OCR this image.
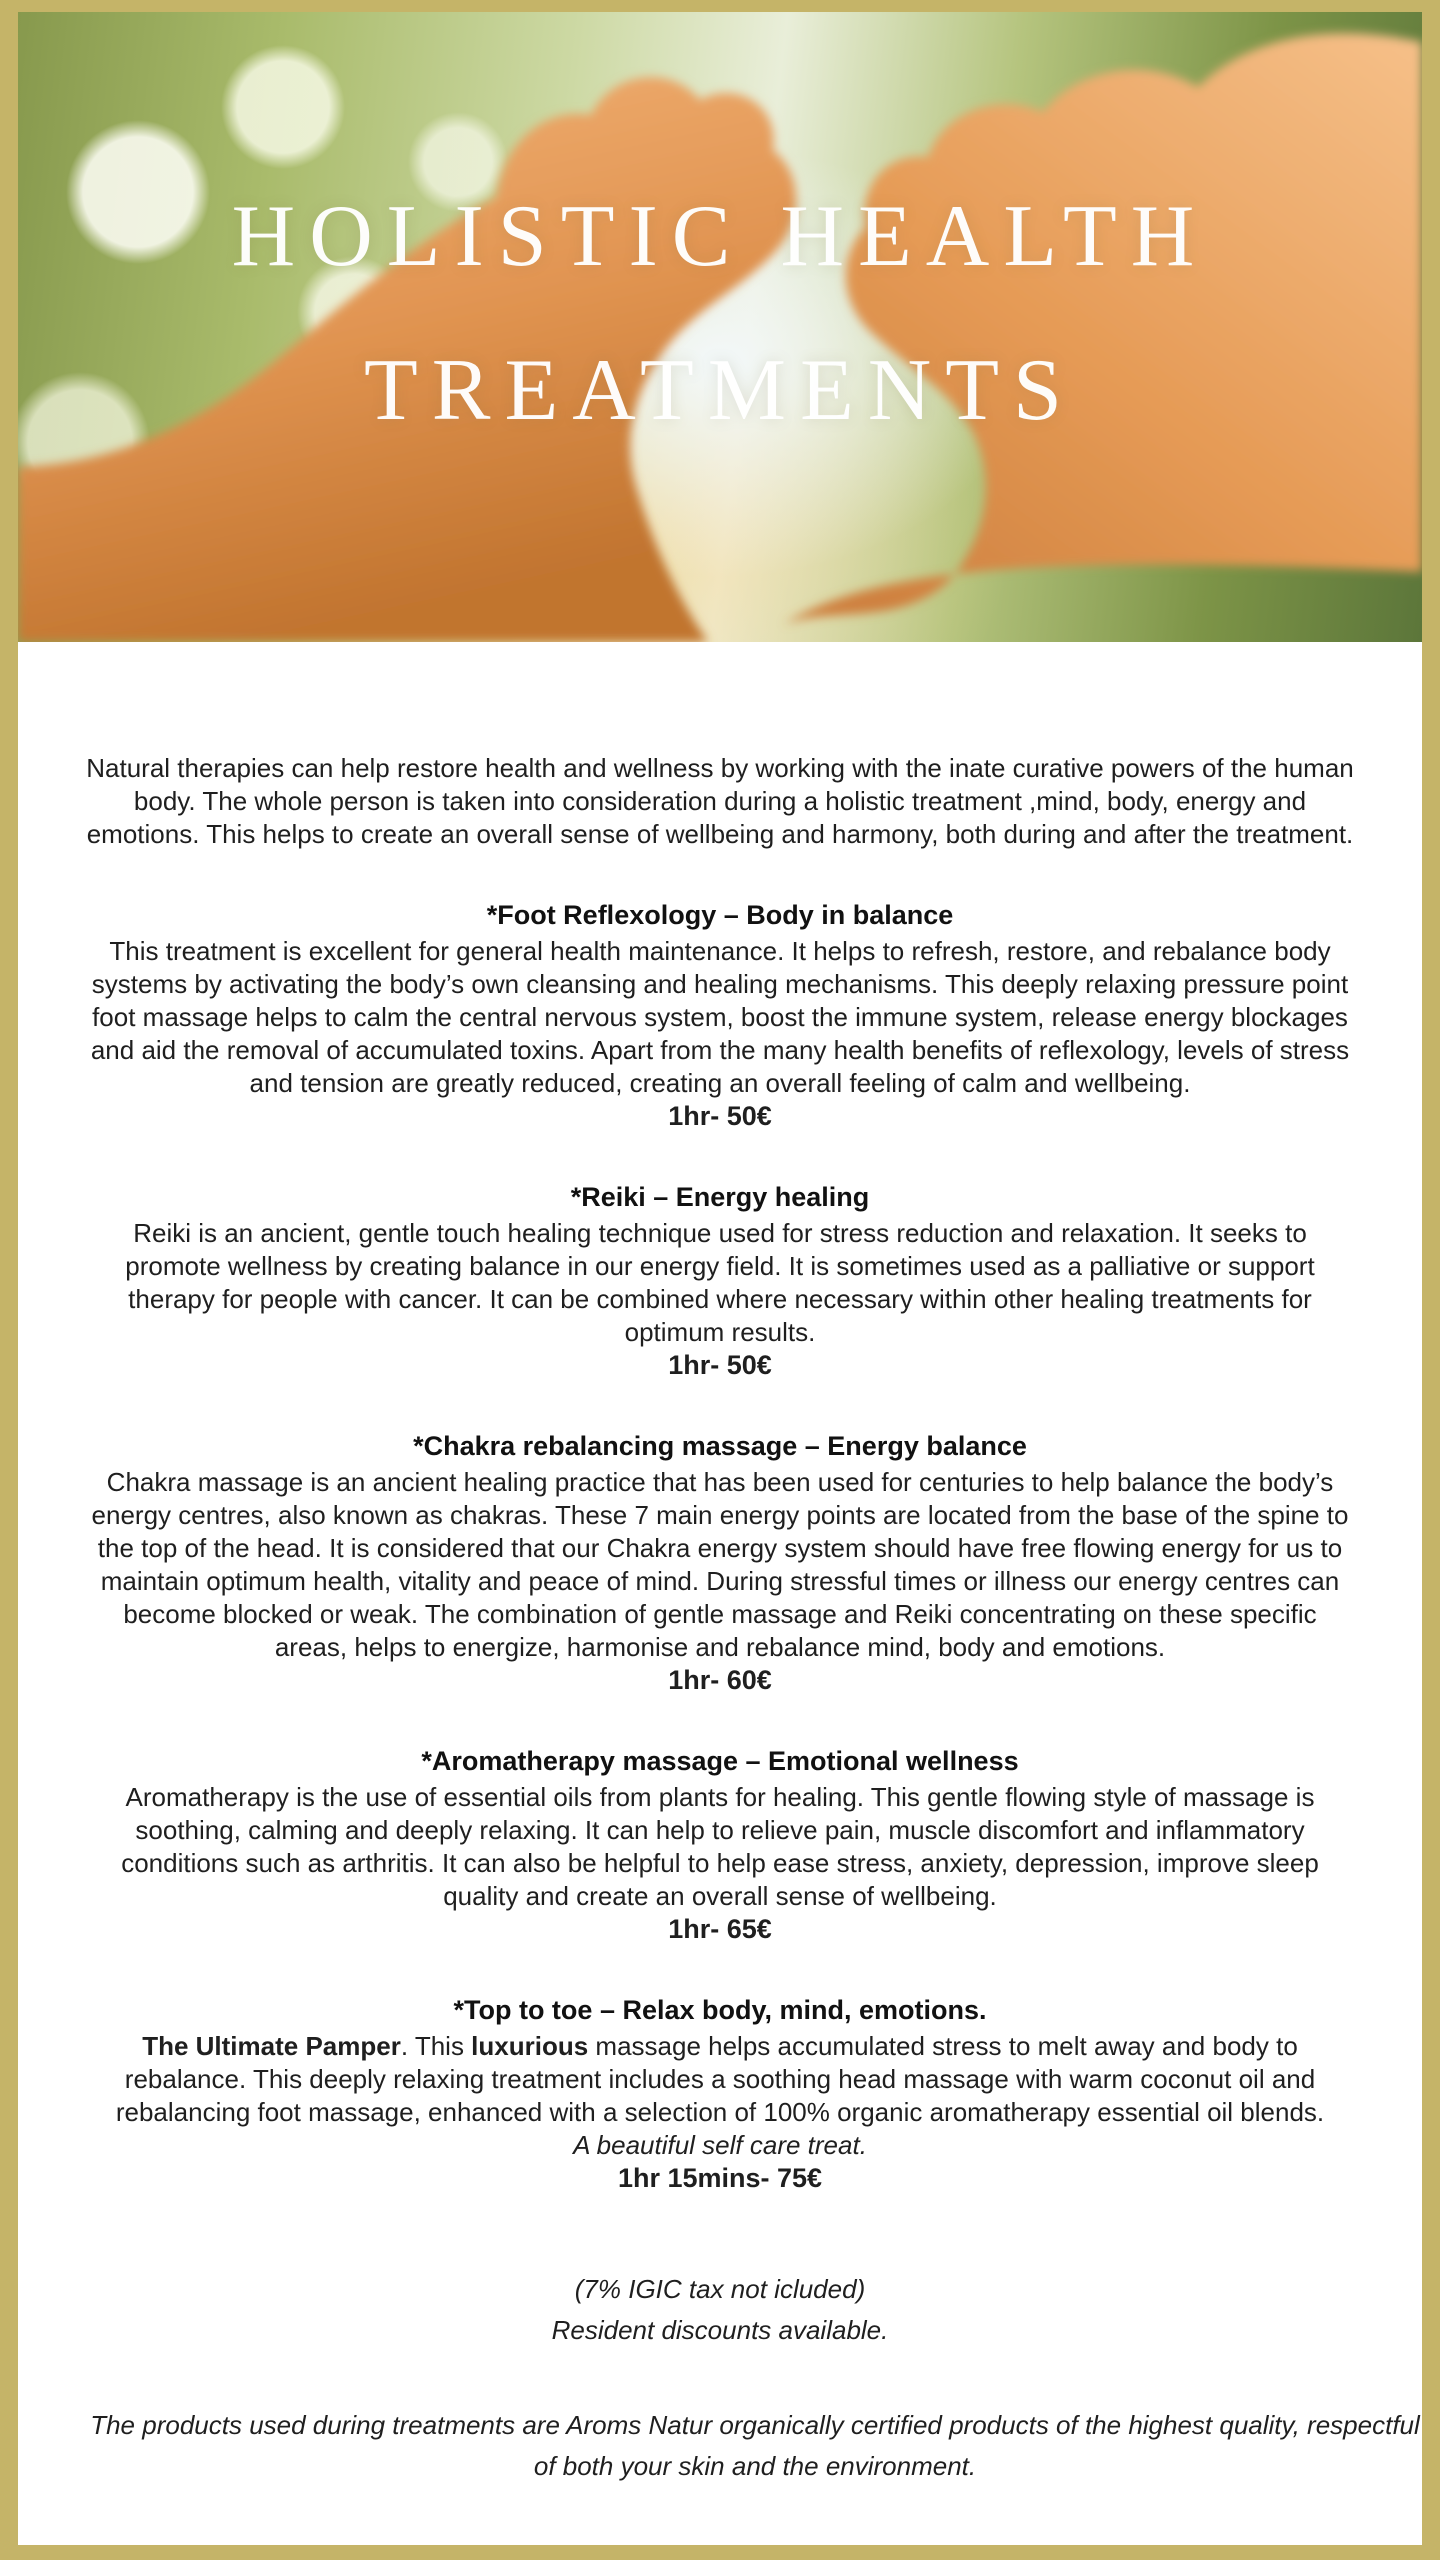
HOLISTIC HEALTH
TREATMENTS

Natural therapies can help restore health and wellness by working with the inate curative powers of the human body. The whole person is taken into consideration during a holistic treatment ,mind, body, energy and emotions. This helps to create an overall sense of wellbeing and harmony, both during and after the treatment.

*Foot Reflexology – Body in balance

This treatment is excellent for general health maintenance. It helps to refresh, restore, and rebalance body systems by activating the body’s own cleansing and healing mechanisms. This deeply relaxing pressure point foot massage helps to calm the central nervous system, boost the immune system, release energy blockages and aid the removal of accumulated toxins. Apart from the many health benefits of reflexology, levels of stress and tension are greatly reduced, creating an overall feeling of calm and wellbeing.

1hr- 50€

*Reiki – Energy healing

Reiki is an ancient, gentle touch healing technique used for stress reduction and relaxation. It seeks to promote wellness by creating balance in our energy field. It is sometimes used as a palliative or support therapy for people with cancer. It can be combined where necessary within other healing treatments for optimum results.

1hr- 50€

*Chakra rebalancing massage – Energy balance

Chakra massage is an ancient healing practice that has been used for centuries to help balance the body’s energy centres, also known as chakras. These 7 main energy points are located from the base of the spine to the top of the head. It is considered that our Chakra energy system should have free flowing energy for us to maintain optimum health, vitality and peace of mind. During stressful times or illness our energy centres can become blocked or weak. The combination of gentle massage and Reiki concentrating on these specific areas, helps to energize, harmonise and rebalance mind, body and emotions.

1hr- 60€

*Aromatherapy massage – Emotional wellness

Aromatherapy is the use of essential oils from plants for healing. This gentle flowing style of massage is soothing, calming and deeply relaxing. It can help to relieve pain, muscle discomfort and inflammatory conditions such as arthritis. It can also be helpful to help ease stress, anxiety, depression, improve sleep quality and create an overall sense of wellbeing.

1hr- 65€

*Top to toe – Relax body, mind, emotions.

The Ultimate Pamper. This luxurious massage helps accumulated stress to melt away and body to rebalance. This deeply relaxing treatment includes a soothing head massage with warm coconut oil and rebalancing foot massage, enhanced with a selection of 100% organic aromatherapy essential oil blends.

A beautiful self care treat.

1hr 15mins- 75€

(7% IGIC tax not icluded)

Resident discounts available.

The products used during treatments are Aroms Natur organically certified products of the highest quality, respectful of both your skin and the environment.
